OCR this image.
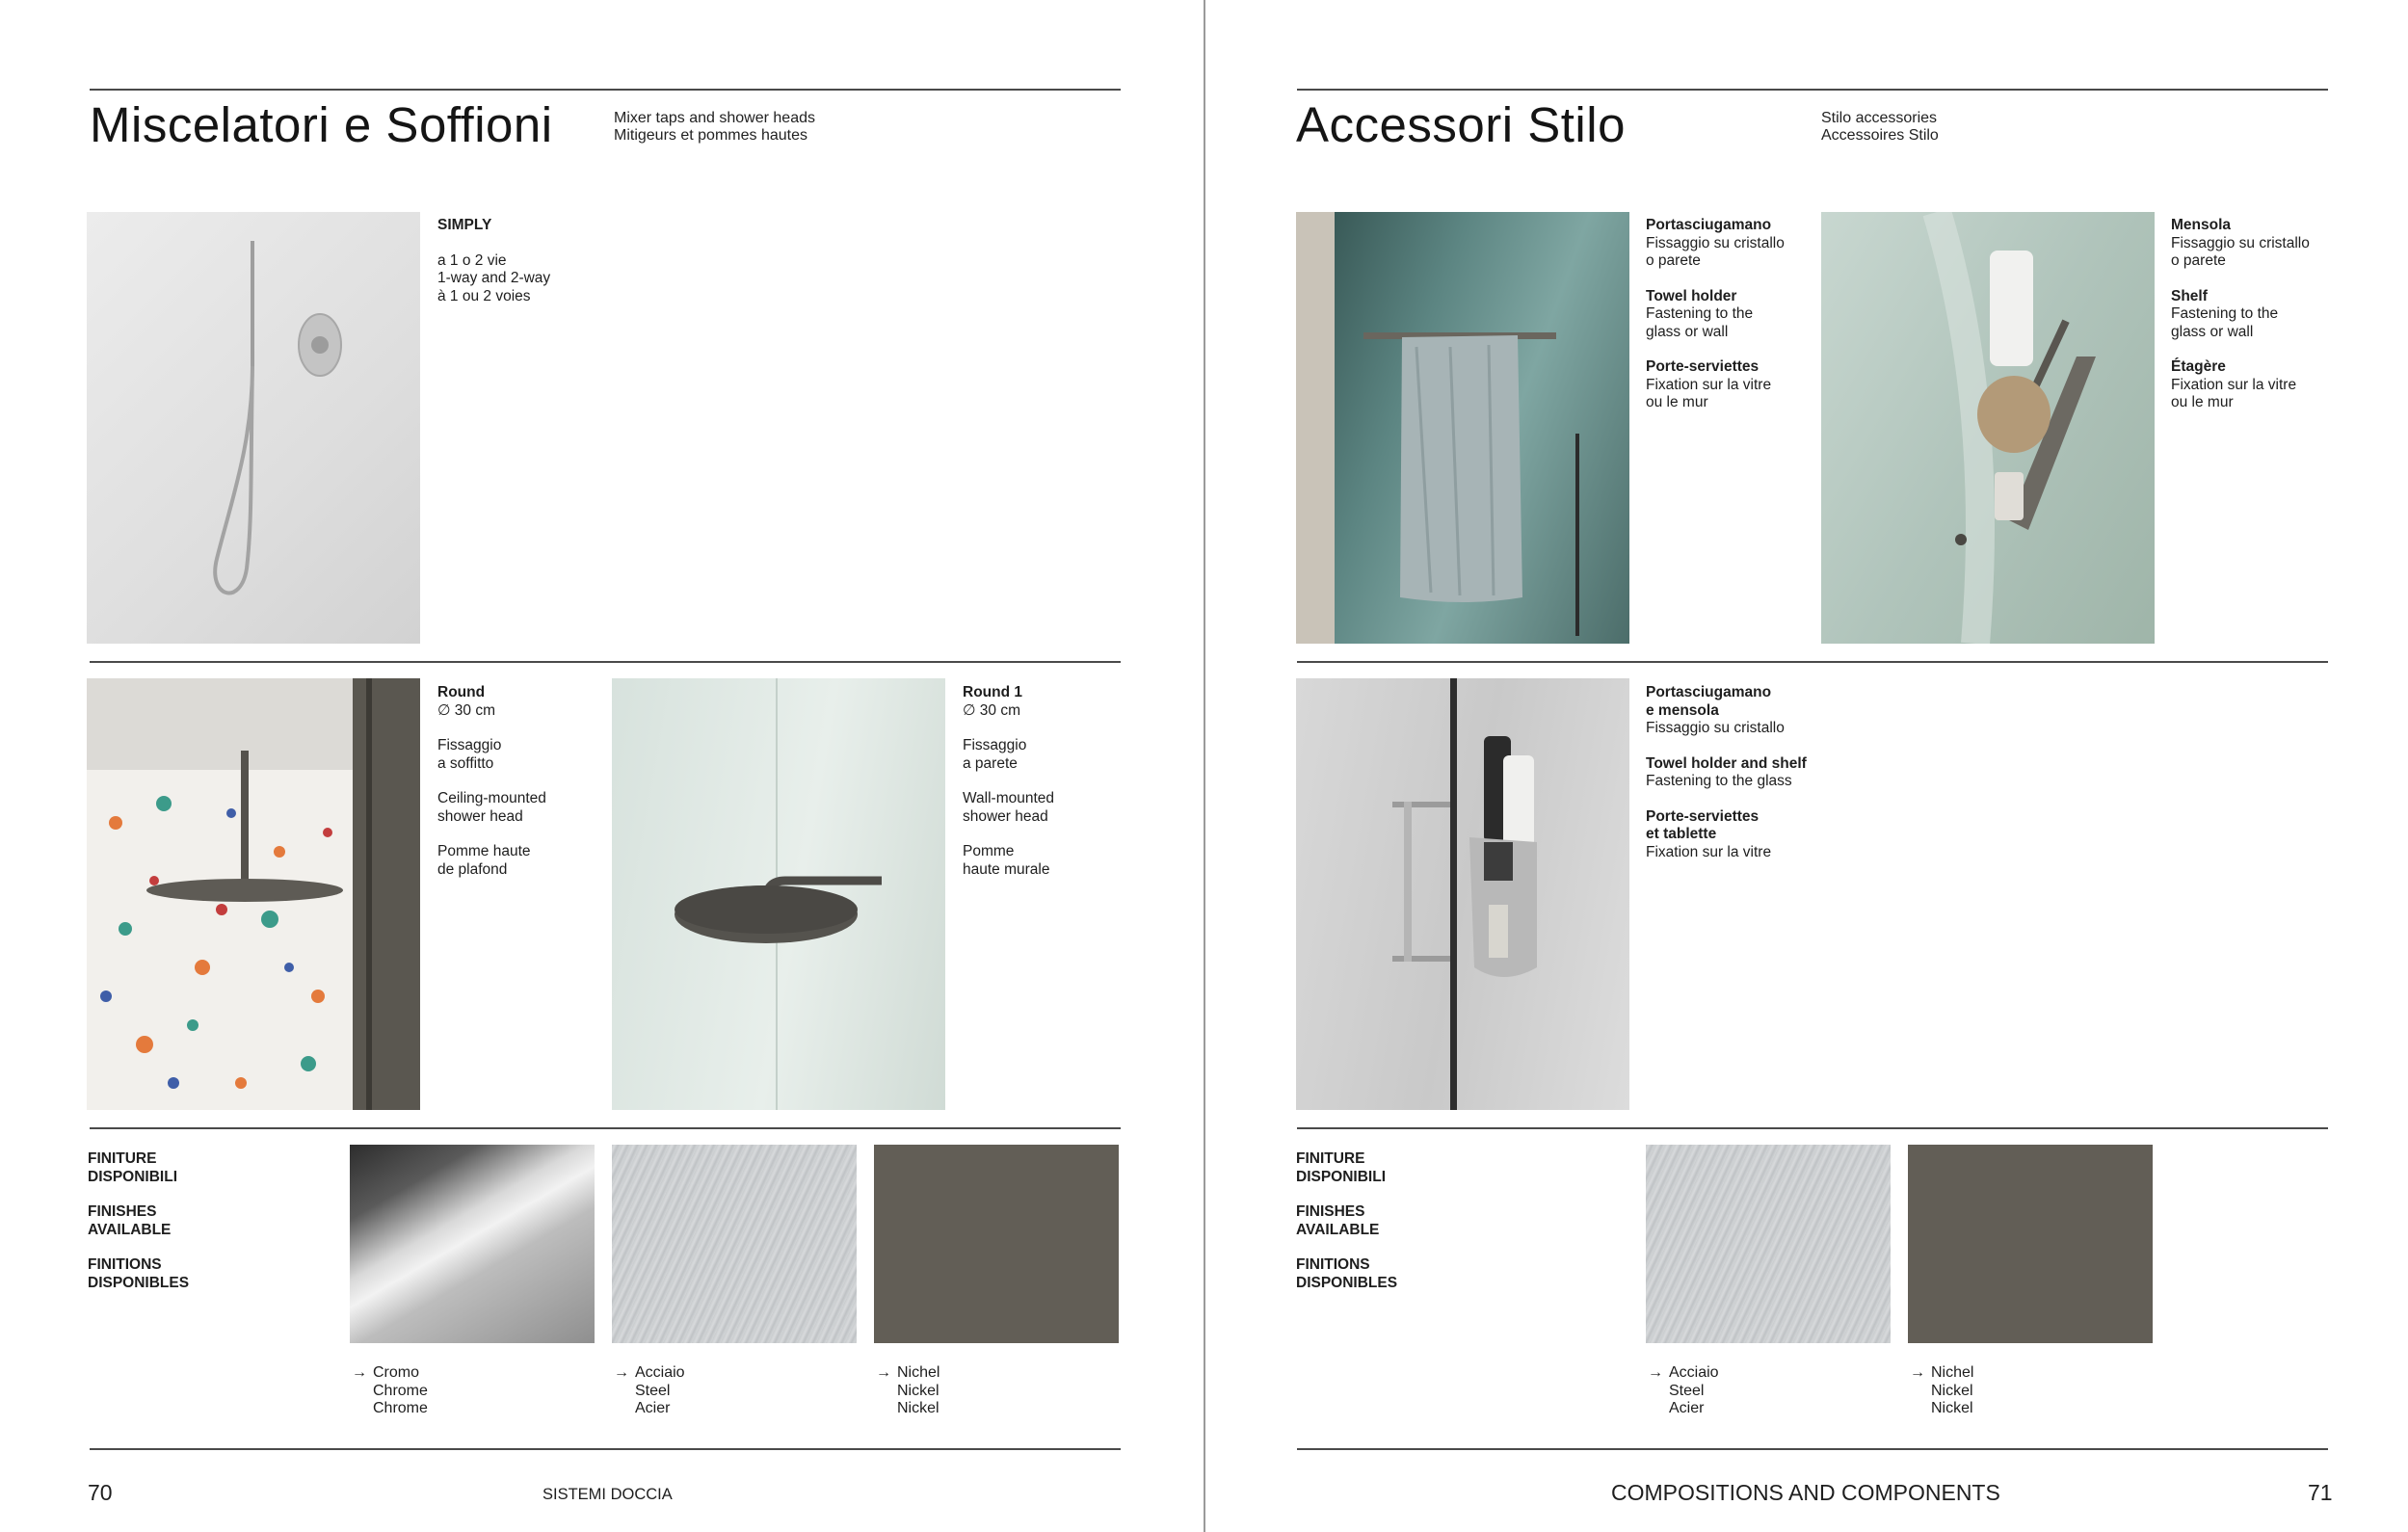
Miscelatori e Soffioni	Mixer taps and shower heads
Mitigeurs et pommes hautes
SIMPLY
a 1 o 2 vie
1-way and 2-way
à 1 ou 2 voies
Round
∅ 30 cm
Fissaggio
a soffitto
Ceiling-mounted
shower head
Pomme haute
de plafond
Round 1
∅ 30 cm
Fissaggio
a parete
Wall-mounted
shower head
Pomme
haute murale
FINITURE
DISPONIBILI
FINISHES
AVAILABLE
FINITIONS
DISPONIBLES
→ Cromo
Chrome
Chrome
→ Acciaio
Steel
Acier
→ Nichel
Nickel
Nickel
70	SISTEMI DOCCIA
Accessori Stilo	Stilo accessories
Accessoires Stilo
Portasciugamano
Fissaggio su cristallo
o parete
Towel holder
Fastening to the
glass or wall
Porte-serviettes
Fixation sur la vitre
ou le mur
Mensola
Fissaggio su cristallo
o parete
Shelf
Fastening to the
glass or wall
Étagère
Fixation sur la vitre
ou le mur
Portasciugamano
e mensola
Fissaggio su cristallo
Towel holder and shelf
Fastening to the glass
Porte-serviettes
et tablette
Fixation sur la vitre
FINITURE
DISPONIBILI
FINISHES
AVAILABLE
FINITIONS
DISPONIBLES
→ Acciaio
Steel
Acier
→ Nichel
Nickel
Nickel
COMPOSITIONS AND COMPONENTS	71
